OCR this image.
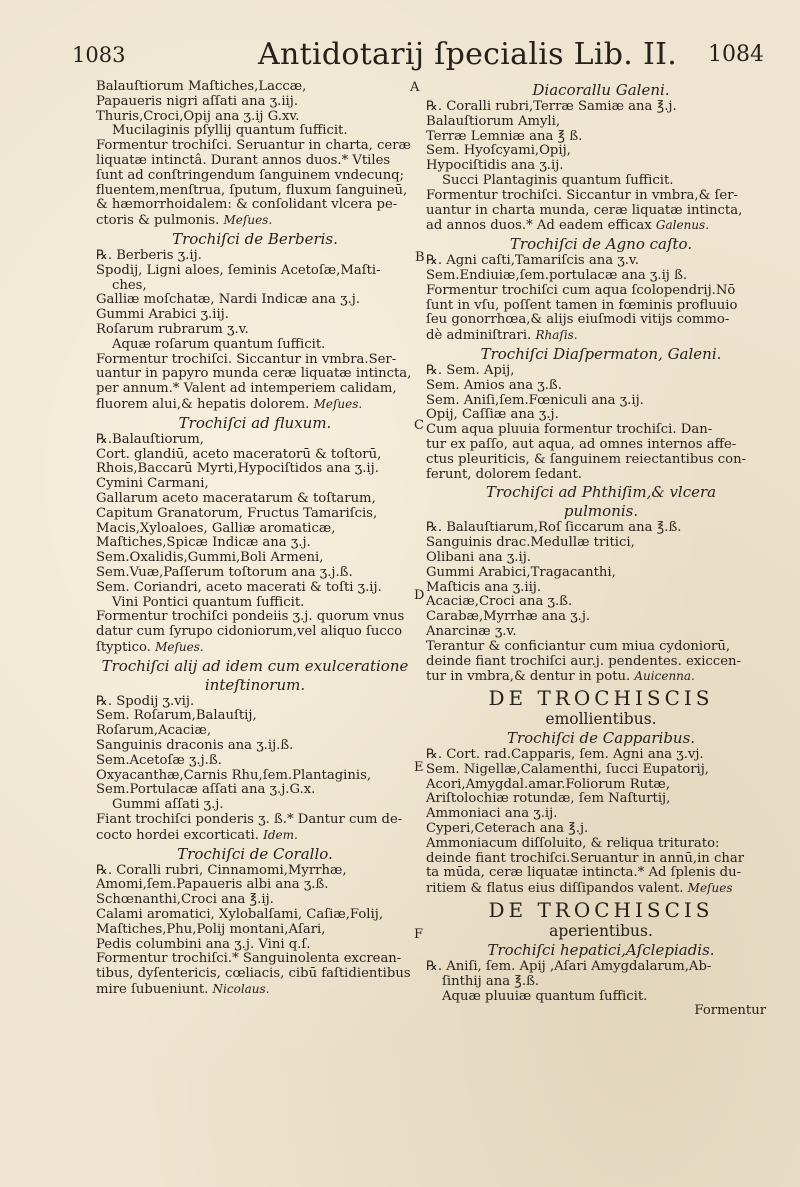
1083	Antidotarij ſpecialis Lib. II. 1084
A
B
C
D
E
F
Balauſtiorum Maſtiches,Laccæ,
Papaueris nigri aſſati ana ʒ.iij.
Thuris,Croci,Opij ana ʒ.ij G.xv.
Mucilaginis pſyllij quantum ſufficit.
Formentur trochiſci. Seruantur in charta, ceræ
liquatæ intinctâ. Durant annos duos.* Vtiles
ſunt ad conſtringendum ſanguinem vndecunq;
fluentem,menſtrua, ſputum, fluxum ſanguineū,
& hæmorrhoidalem: & conſolidant vlcera pe-
ctoris & pulmonis. Meſues.
Trochiſci de Berberis.
℞. Berberis ʒ.ij.
Spodij, Ligni aloes, ſeminis Acetoſæ,Maſti-
ches,
Galliæ moſchatæ, Nardi Indicæ ana ʒ.j.
Gummi Arabici ʒ.iij.
Roſarum rubrarum ʒ.v.
Aquæ roſarum quantum ſufficit.
Formentur trochiſci. Siccantur in vmbra.Ser-
uantur in papyro munda ceræ liquatæ intincta,
per annum.* Valent ad intemperiem calidam,
fluorem alui,& hepatis dolorem. Meſues.
Trochiſci ad fluxum.
℞.Balauſtiorum,
Cort. glandiū, aceto maceratorū & toſtorū,
Rhois,Baccarū Myrti,Hypociſtidos ana ʒ.ij.
Cymini Carmani,
Gallarum aceto maceratarum & toſtarum,
Capitum Granatorum, Fructus Tamariſcis,
Macis,Xyloaloes, Galliæ aromaticæ,
Maſtiches,Spicæ Indicæ ana ʒ.j.
Sem.Oxalidis,Gummi,Boli Armeni,
Sem.Vuæ,Paſſerum toſtorum ana ʒ.j.ß.
Sem. Coriandri, aceto macerati & toſti ʒ.ij.
Vini Pontici quantum ſufficit.
Formentur trochiſci pondeiis ʒ.j. quorum vnus
datur cum ſyrupo cidoniorum,vel aliquo ſucco
ſtyptico. Meſues.
Trochiſci alij ad idem cum exulceratione
inteſtinorum.
℞. Spodij ʒ.vij.
Sem. Roſarum,Balauſtij,
Roſarum,Acaciæ,
Sanguinis draconis ana ʒ.ij.ß.
Sem.Acetoſæ ʒ.j.ß.
Oxyacanthæ,Carnis Rhu,ſem.Plantaginis,
Sem.Portulacæ aſſati ana ʒ.j.G.x.
Gummi aſſati ʒ.j.
Fiant trochiſci ponderis ʒ. ß.* Dantur cum de-
cocto hordei excorticati. Idem.
Trochiſci de Corallo.
℞. Coralli rubri, Cinnamomi,Myrrhæ,
Amomi,ſem.Papaueris albi ana ʒ.ß.
Schœnanthi,Croci ana ℥.ij.
Calami aromatici, Xylobalſami, Caſiæ,Folij,
Maſtiches,Phu,Polij montani,Aſari,
Pedis columbini ana ʒ.j. Vini q.ſ.
Formentur trochiſci.* Sanguinolenta excrean-
tibus, dyſentericis, cœliacis, cibū faſtidientibus
mire ſubueniunt. Nicolaus.
Diacorallu Galeni.
℞. Coralli rubri,Terræ Samiæ ana ℥.j.
Balauſtiorum Amyli,
Terræ Lemniæ ana ℥ ß.
Sem. Hyoſcyami,Opij,
Hypociſtidis ana ʒ.ij.
Succi Plantaginis quantum ſufficit.
Formentur trochiſci. Siccantur in vmbra,& ſer-
uantur in charta munda, ceræ liquatæ intincta,
ad annos duos.* Ad eadem efficax Galenus.
Trochiſci de Agno caſto.
℞. Agni caſti,Tamariſcis ana ʒ.v.
Sem.Endiuiæ,ſem.portulacæ ana ʒ.ij ß.
Formentur trochiſci cum aqua ſcolopendrij.Nō
ſunt in vſu, poſſent tamen in fœminis profluuio
ſeu gonorrhœa,& alijs eiuſmodi vitijs commo-
dè adminiſtrari. Rhaſis.
Trochiſci Diaſpermaton, Galeni.
℞. Sem. Apij,
Sem. Amios ana ʒ.ß.
Sem. Aniſi,ſem.Fœniculi ana ʒ.ij.
Opij, Caſſiæ ana ʒ.j.
Cum aqua pluuia formentur trochiſci. Dan-
tur ex paſſo, aut aqua, ad omnes internos affe-
ctus pleuriticis, & ſanguinem reiectantibus con-
ferunt, dolorem ſedant.
Trochiſci ad Phthiſim,& vlcera
pulmonis.
℞. Balauſtiarum,Roſ ſiccarum ana ℥.ß.
Sanguinis drac.Medullæ tritici,
Olibani ana ʒ.ij.
Gummi Arabici,Tragacanthi,
Maſticis ana ʒ.iij.
Acaciæ,Croci ana ʒ.ß.
Carabæ,Myrrhæ ana ʒ.j.
Anarcinæ ʒ.v.
Terantur & conficiantur cum miua cydoniorū,
deinde fiant trochiſci aur.j. pendentes. exiccen-
tur in vmbra,& dentur in potu. Auicenna.
DE TROCHISCIS
emollientibus.
Trochiſci de Capparibus.
℞. Cort. rad.Capparis, ſem. Agni ana ʒ.vj.
Sem. Nigellæ,Calamenthi, ſucci Eupatorij,
Acori,Amygdal.amar.Foliorum Rutæ,
Ariſtolochiæ rotundæ, ſem Naſturtij,
Ammoniaci ana ʒ.ij.
Cyperi,Ceterach ana ℥.j.
Ammoniacum diſſoluito, & reliqua triturato:
deinde fiant trochiſci.Seruantur in annū,in char
ta mūda, ceræ liquatæ intincta.* Ad ſplenis du-
ritiem & flatus eius diſſipandos valent. Meſues
DE TROCHISCIS
aperientibus.
Trochiſci hepatici,Aſclepiadis.
℞. Aniſi, ſem. Apij ,Aſari Amygdalarum,Ab-
ſinthij ana ℥.ß.
Aquæ pluuiæ quantum ſufficit.
Formentur
